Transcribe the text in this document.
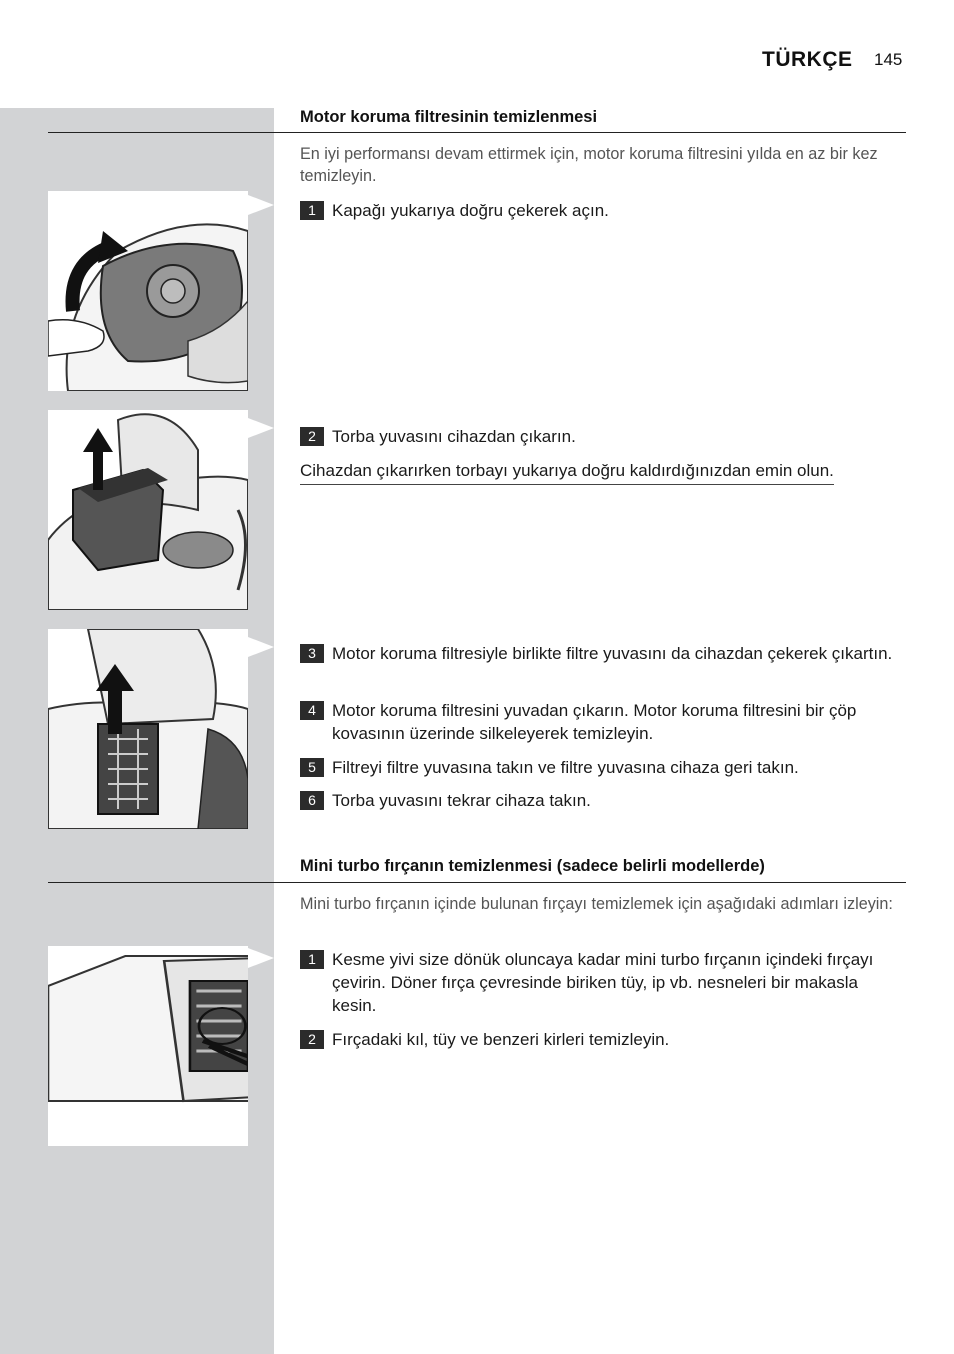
TÜRKÇE 145
Motor koruma filtresinin temizlenmesi
En iyi performansı devam ettirmek için, motor koruma filtresini yılda en az bir kez temizleyin.
1 Kapağı yukarıya doğru çekerek açın.
2 Torba yuvasını cihazdan çıkarın.
Cihazdan çıkarırken torbayı yukarıya doğru kaldırdığınızdan emin olun.
3 Motor koruma filtresiyle birlikte filtre yuvasını da cihazdan çekerek çıkartın.
4 Motor koruma filtresini yuvadan çıkarın. Motor koruma filtresini bir çöp kovasının üzerinde silkeleyerek temizleyin.
5 Filtreyi filtre yuvasına takın ve filtre yuvasına cihaza geri takın.
6 Torba yuvasını tekrar cihaza takın.
Mini turbo fırçanın temizlenmesi (sadece belirli modellerde)
Mini turbo fırçanın içinde bulunan fırçayı temizlemek için aşağıdaki adımları izleyin:
1 Kesme yivi size dönük oluncaya kadar mini turbo fırçanın içindeki fırçayı çevirin. Döner fırça çevresinde biriken tüy, ip vb. nesneleri bir makasla kesin.
2 Fırçadaki kıl, tüy ve benzeri kirleri temizleyin.
